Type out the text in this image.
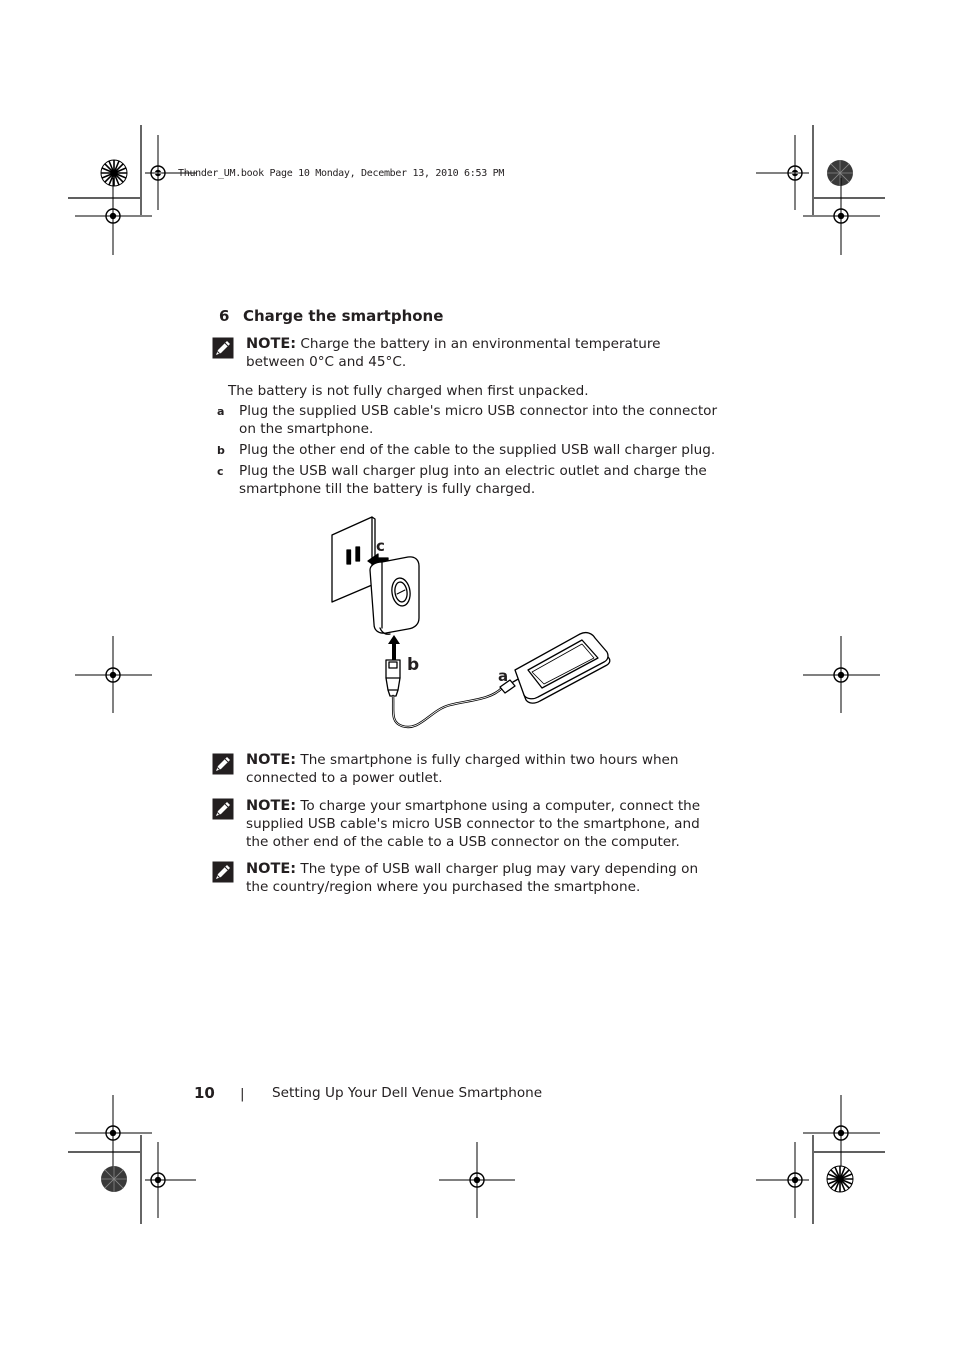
Thunder_UM.book Page 10 Monday, December 13, 2010 6:53 PM
6 Charge the smartphone
NOTE: Charge the battery in an environmental temperature between 0°C and 45°C.
The battery is not fully charged when first unpacked.
a Plug the supplied USB cable's micro USB connector into the connector on the smartphone.
b Plug the other end of the cable to the supplied USB wall charger plug.
c Plug the USB wall charger plug into an electric outlet and charge the smartphone till the battery is fully charged.
c
b
a
NOTE: The smartphone is fully charged within two hours when connected to a power outlet.
NOTE: To charge your smartphone using a computer, connect the supplied USB cable's micro USB connector to the smartphone, and the other end of the cable to a USB connector on the computer.
NOTE: The type of USB wall charger plug may vary depending on the country/region where you purchased the smartphone.
10 | Setting Up Your Dell Venue Smartphone
